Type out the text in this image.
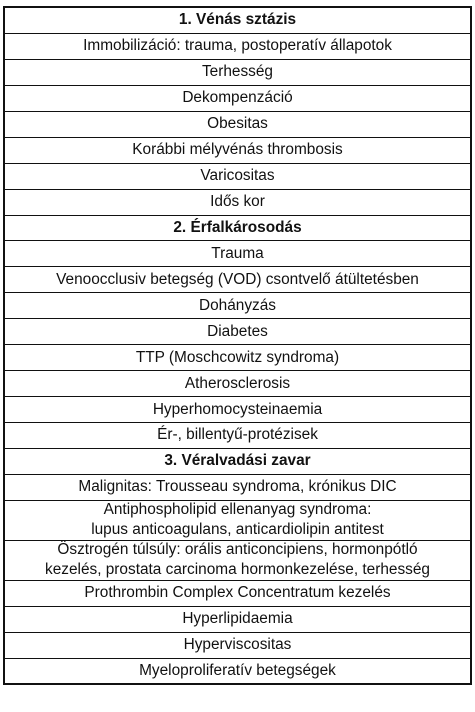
1. Vénás sztázis
Immobilizáció: trauma, postoperatív állapotok
Terhesség
Dekompenzáció
Obesitas
Korábbi mélyvénás thrombosis
Varicositas
Idős kor
2. Érfalkárosodás
Trauma
Venoocclusiv betegség (VOD) csontvelő átültetésben
Dohányzás
Diabetes
TTP (Moschcowitz syndroma)
Atherosclerosis
Hyperhomocysteinaemia
Ér-, billentyű-protézisek
3. Véralvadási zavar
Malignitas: Trousseau syndroma, krónikus DIC
Antiphospholipid ellenanyag syndroma:
lupus anticoagulans, anticardiolipin antitest
Ösztrogén túlsúly: orális anticoncipiens, hormonpótló
kezelés, prostata carcinoma hormonkezelése, terhesség
Prothrombin Complex Concentratum kezelés
Hyperlipidaemia
Hyperviscositas
Myeloproliferatív betegségek
